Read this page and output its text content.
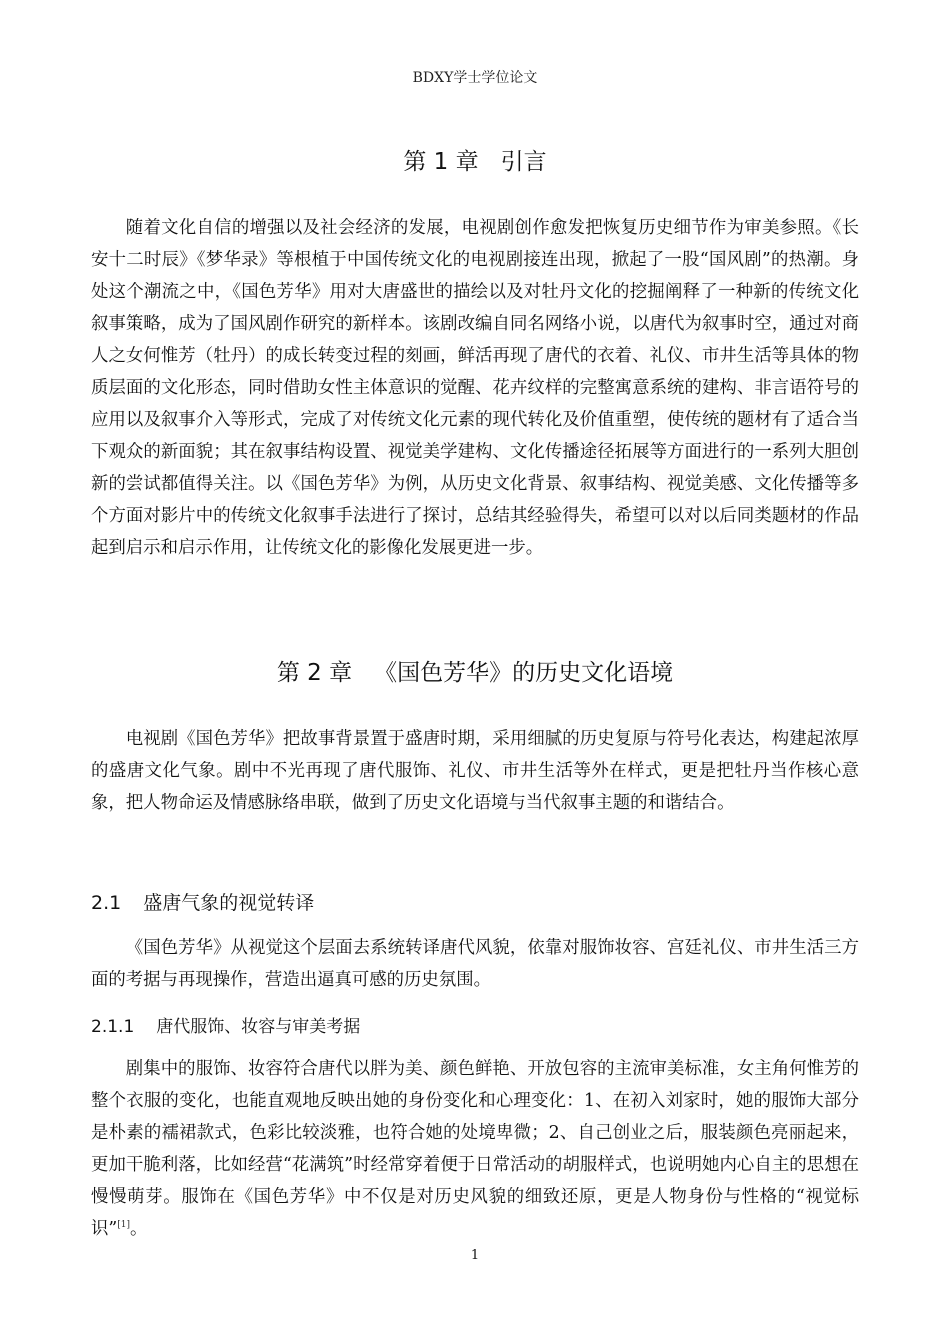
BDXY学士学位论文
第 1 章 引言

随着文化自信的增强以及社会经济的发展，电视剧创作愈发把恢复历史细节作为审美参照。《长安十二时辰》《梦华录》等根植于中国传统文化的电视剧接连出现，掀起了一股“国风剧”的热潮。身处这个潮流之中，《国色芳华》用对大唐盛世的描绘以及对牡丹文化的挖掘阐释了一种新的传统文化叙事策略，成为了国风剧作研究的新样本。该剧改编自同名网络小说，以唐代为叙事时空，通过对商人之女何惟芳（牡丹）的成长转变过程的刻画，鲜活再现了唐代的衣着、礼仪、市井生活等具体的物质层面的文化形态，同时借助女性主体意识的觉醒、花卉纹样的完整寓意系统的建构、非言语符号的应用以及叙事介入等形式，完成了对传统文化元素的现代转化及价值重塑，使传统的题材有了适合当下观众的新面貌；其在叙事结构设置、视觉美学建构、文化传播途径拓展等方面进行的一系列大胆创新的尝试都值得关注。以《国色芳华》为例，从历史文化背景、叙事结构、视觉美感、文化传播等多个方面对影片中的传统文化叙事手法进行了探讨，总结其经验得失，希望可以对以后同类题材的作品起到启示和启示作用，让传统文化的影像化发展更进一步。

第 2 章 《国色芳华》的历史文化语境

电视剧《国色芳华》把故事背景置于盛唐时期，采用细腻的历史复原与符号化表达，构建起浓厚的盛唐文化气象。剧中不光再现了唐代服饰、礼仪、市井生活等外在样式，更是把牡丹当作核心意象，把人物命运及情感脉络串联，做到了历史文化语境与当代叙事主题的和谐结合。

2.1 盛唐气象的视觉转译

《国色芳华》从视觉这个层面去系统转译唐代风貌，依靠对服饰妆容、宫廷礼仪、市井生活三方面的考据与再现操作，营造出逼真可感的历史氛围。

2.1.1 唐代服饰、妆容与审美考据

剧集中的服饰、妆容符合唐代以胖为美、颜色鲜艳、开放包容的主流审美标准，女主角何惟芳的整个衣服的变化，也能直观地反映出她的身份变化和心理变化：1、在初入刘家时，她的服饰大部分是朴素的襦裙款式，色彩比较淡雅，也符合她的处境卑微；2、自己创业之后，服装颜色亮丽起来，更加干脆利落，比如经营“花满筑”时经常穿着便于日常活动的胡服样式，也说明她内心自主的思想在慢慢萌芽。服饰在《国色芳华》中不仅是对历史风貌的细致还原，更是人物身份与性格的“视觉标识”[1]。

1
